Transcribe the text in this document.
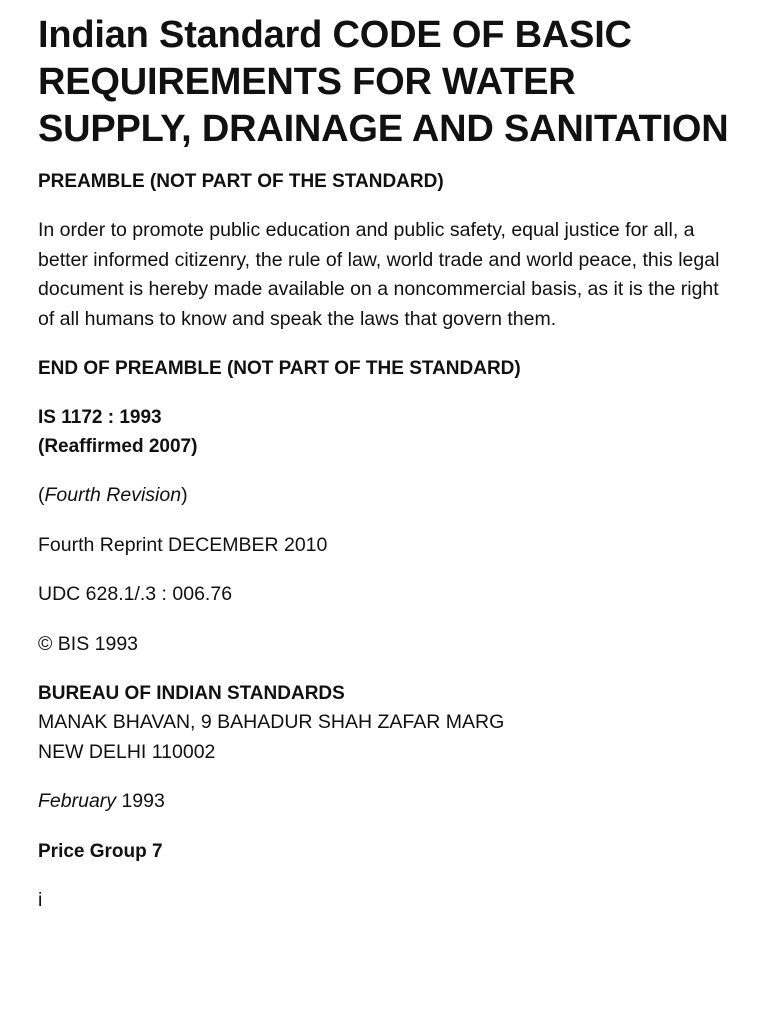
Indian Standard CODE OF BASIC REQUIREMENTS FOR WATER SUPPLY, DRAINAGE AND SANITATION
PREAMBLE (NOT PART OF THE STANDARD)

In order to promote public education and public safety, equal justice for all, a better informed citizenry, the rule of law, world trade and world peace, this legal document is hereby made available on a noncommercial basis, as it is the right of all humans to know and speak the laws that govern them.

END OF PREAMBLE (NOT PART OF THE STANDARD)
IS 1172 : 1993
(Reaffirmed 2007)

(Fourth Revision)

Fourth Reprint DECEMBER 2010

UDC 628.1/.3 : 006.76

© BIS 1993

BUREAU OF INDIAN STANDARDS

MANAK BHAVAN, 9 BAHADUR SHAH ZAFAR MARG

NEW DELHI 110002

February 1993

Price Group 7

i
